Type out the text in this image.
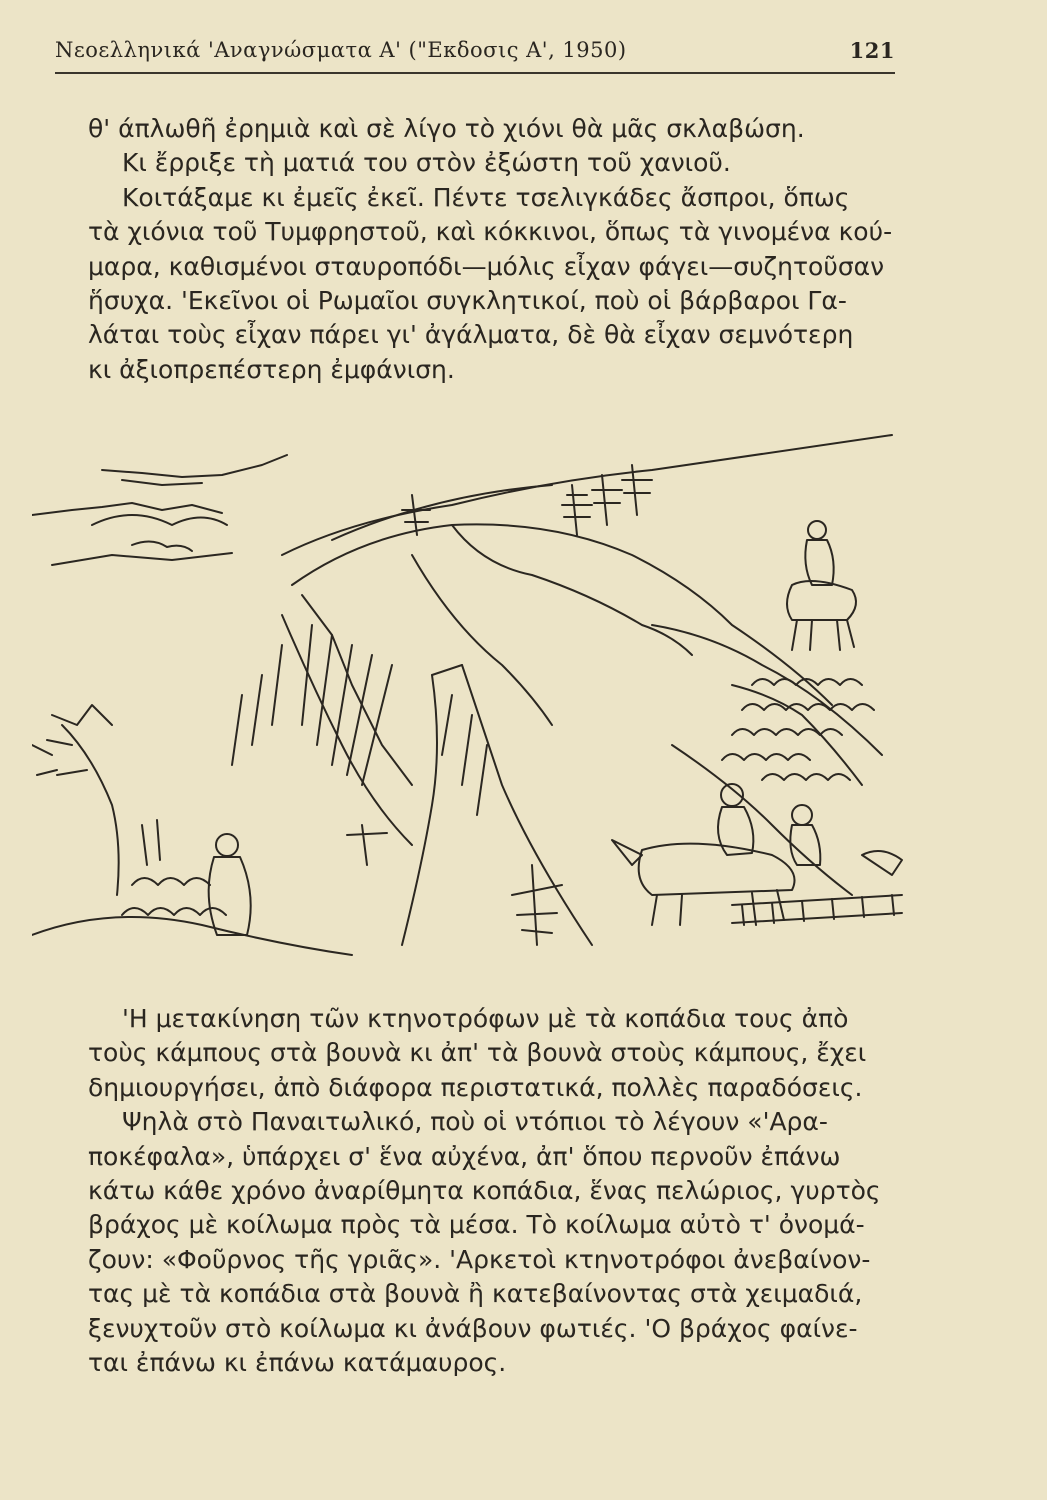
Νεοελληνικά 'Αναγνώσματα Α' ("Εκδοσις Α', 1950)	121
θ' άπλωθῆ ἐρημιὰ καὶ σὲ λίγο τὸ χιόνι θὰ μᾶς σκλαβώση.
Κι ἔρριξε τὴ ματιά του στὸν ἐξώστη τοῦ χανιοῦ.
Κοιτάξαμε κι ἐμεῖς ἐκεῖ. Πέντε τσελιγκάδες ἄσπροι, ὅπως
τὰ χιόνια τοῦ Τυμφρηστοῦ, καὶ κόκκινοι, ὅπως τὰ γινομένα κού-
μαρα, καθισμένοι σταυροπόδι—μόλις εἶχαν φάγει—συζητοῦσαν
ἥσυχα. 'Εκεῖνοι οἱ Ρωμαῖοι συγκλητικοί, ποὺ οἱ βάρβαροι Γα-
λάται τοὺς εἶχαν πάρει γι' ἀγάλματα, δὲ θὰ εἶχαν σεμνότερη
κι ἀξιοπρεπέστερη ἐμφάνιση.
'Η μετακίνηση τῶν κτηνοτρόφων μὲ τὰ κοπάδια τους ἀπὸ
τοὺς κάμπους στὰ βουνὰ κι ἀπ' τὰ βουνὰ στοὺς κάμπους, ἔχει
δημιουργήσει, ἀπὸ διάφορα περιστατικά, πολλὲς παραδόσεις.
Ψηλὰ στὸ Παναιτωλικό, ποὺ οἱ ντόπιοι τὸ λέγουν «'Αρα-
ποκέφαλα», ὑπάρχει σ' ἕνα αὐχένα, ἀπ' ὅπου περνοῦν ἐπάνω
κάτω κάθε χρόνο ἀναρίθμητα κοπάδια, ἕνας πελώριος, γυρτὸς
βράχος μὲ κοίλωμα πρὸς τὰ μέσα. Τὸ κοίλωμα αὐτὸ τ' ὀνομά-
ζουν: «Φοῦρνος τῆς γριᾶς». 'Αρκετοὶ κτηνοτρόφοι ἀνεβαίνον-
τας μὲ τὰ κοπάδια στὰ βουνὰ ἢ κατεβαίνοντας στὰ χειμαδιά,
ξενυχτοῦν στὸ κοίλωμα κι ἀνάβουν φωτιές. 'Ο βράχος φαίνε-
ται ἐπάνω κι ἐπάνω κατάμαυρος.
